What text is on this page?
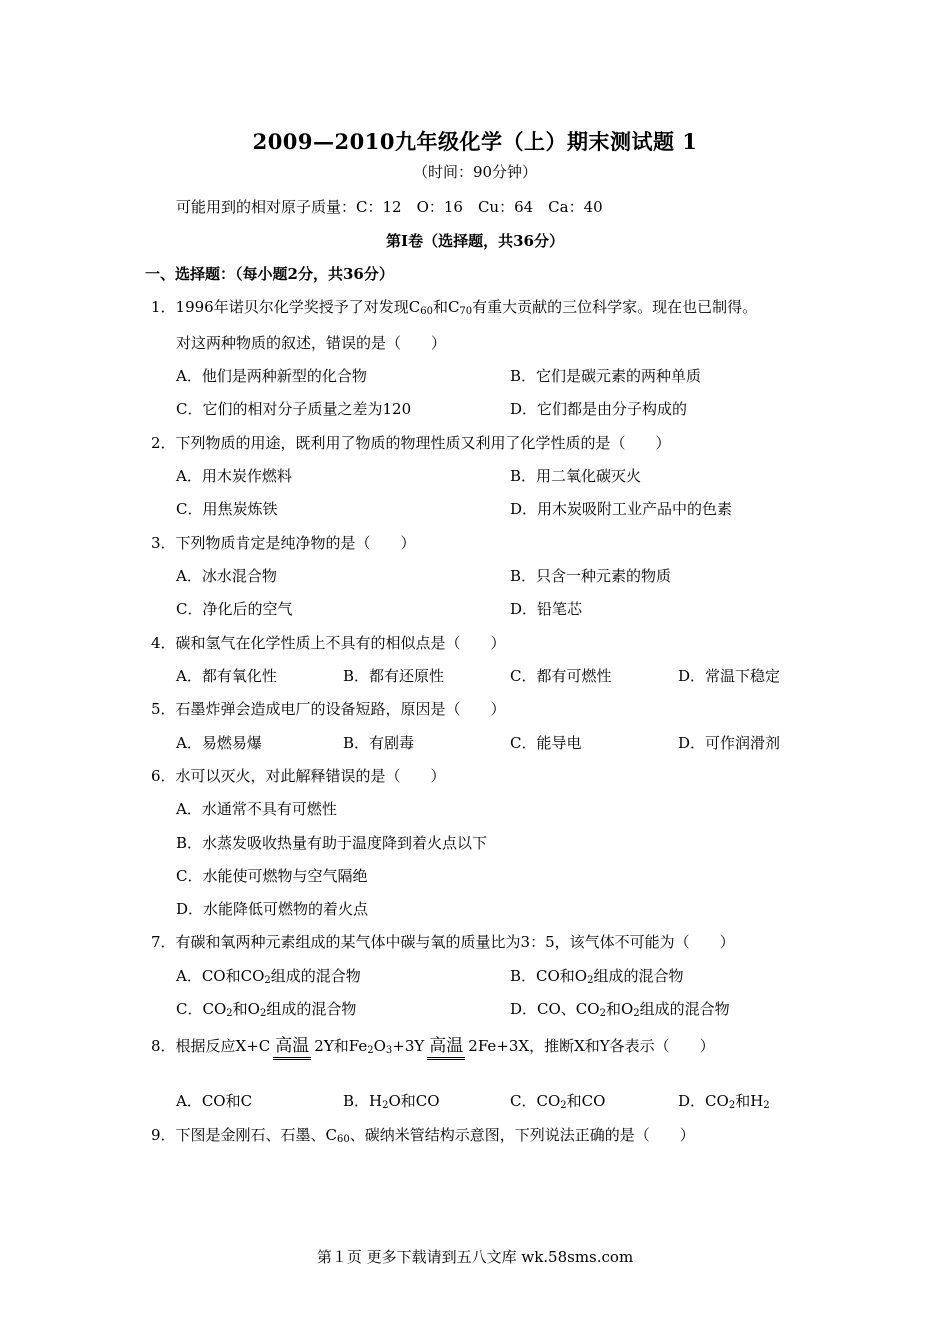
2009—2010九年级化学（上）期末测试题 1
（时间：90分钟）
可能用到的相对原子质量：C：12　O：16　Cu：64　Ca：40
第Ⅰ卷（选择题，共36分）
一、选择题：（每小题2分，共36分）
1．1996年诺贝尔化学奖授予了对发现$C_{60}$和$C_{70}$有重大贡献的三位科学家。现在也已制得。
对这两种物质的叙述，错误的是（　　）
A．他们是两种新型的化合物	B．它们是碳元素的两种单质
C．它们的相对分子质量之差为120	D．它们都是由分子构成的
2．下列物质的用途，既利用了物质的物理性质又利用了化学性质的是（　　）
A．用木炭作燃料	B．用二氧化碳灭火
C．用焦炭炼铁	D．用木炭吸附工业产品中的色素
3．下列物质肯定是纯净物的是（　　）
A．冰水混合物	B．只含一种元素的物质
C．净化后的空气	D．铅笔芯
4．碳和氢气在化学性质上不具有的相似点是（　　）
A．都有氧化性	B．都有还原性	C．都有可燃性	D．常温下稳定
5．石墨炸弹会造成电厂的设备短路，原因是（　　）
A．易燃易爆	B．有剧毒	C．能导电	D．可作润滑剂
6．水可以灭火，对此解释错误的是（　　）
A．水通常不具有可燃性
B．水蒸发吸收热量有助于温度降到着火点以下
C．水能使可燃物与空气隔绝
D．水能降低可燃物的着火点
7．有碳和氧两种元素组成的某气体中碳与氧的质量比为3：5，该气体不可能为（　　）
A．CO和$CO_2$组成的混合物	B．CO和$O_2$组成的混合物
C．$CO_2$和$O_2$组成的混合物	D．CO、$CO_2$和$O_2$组成的混合物
8．根据反应X+C 高温 2Y和$Fe_2O_3+3Y$ 高温 2Fe+3X，推断X和Y各表示（　　）
A．CO和C	B．$H_2O$和CO	C．$CO_2$和CO	D．$CO_2$和$H_2$
9．下图是金刚石、石墨、$C_{60}$、碳纳米管结构示意图，下列说法正确的是（　　）
第１页 更多下载请到五八文库 wk.58sms.com
